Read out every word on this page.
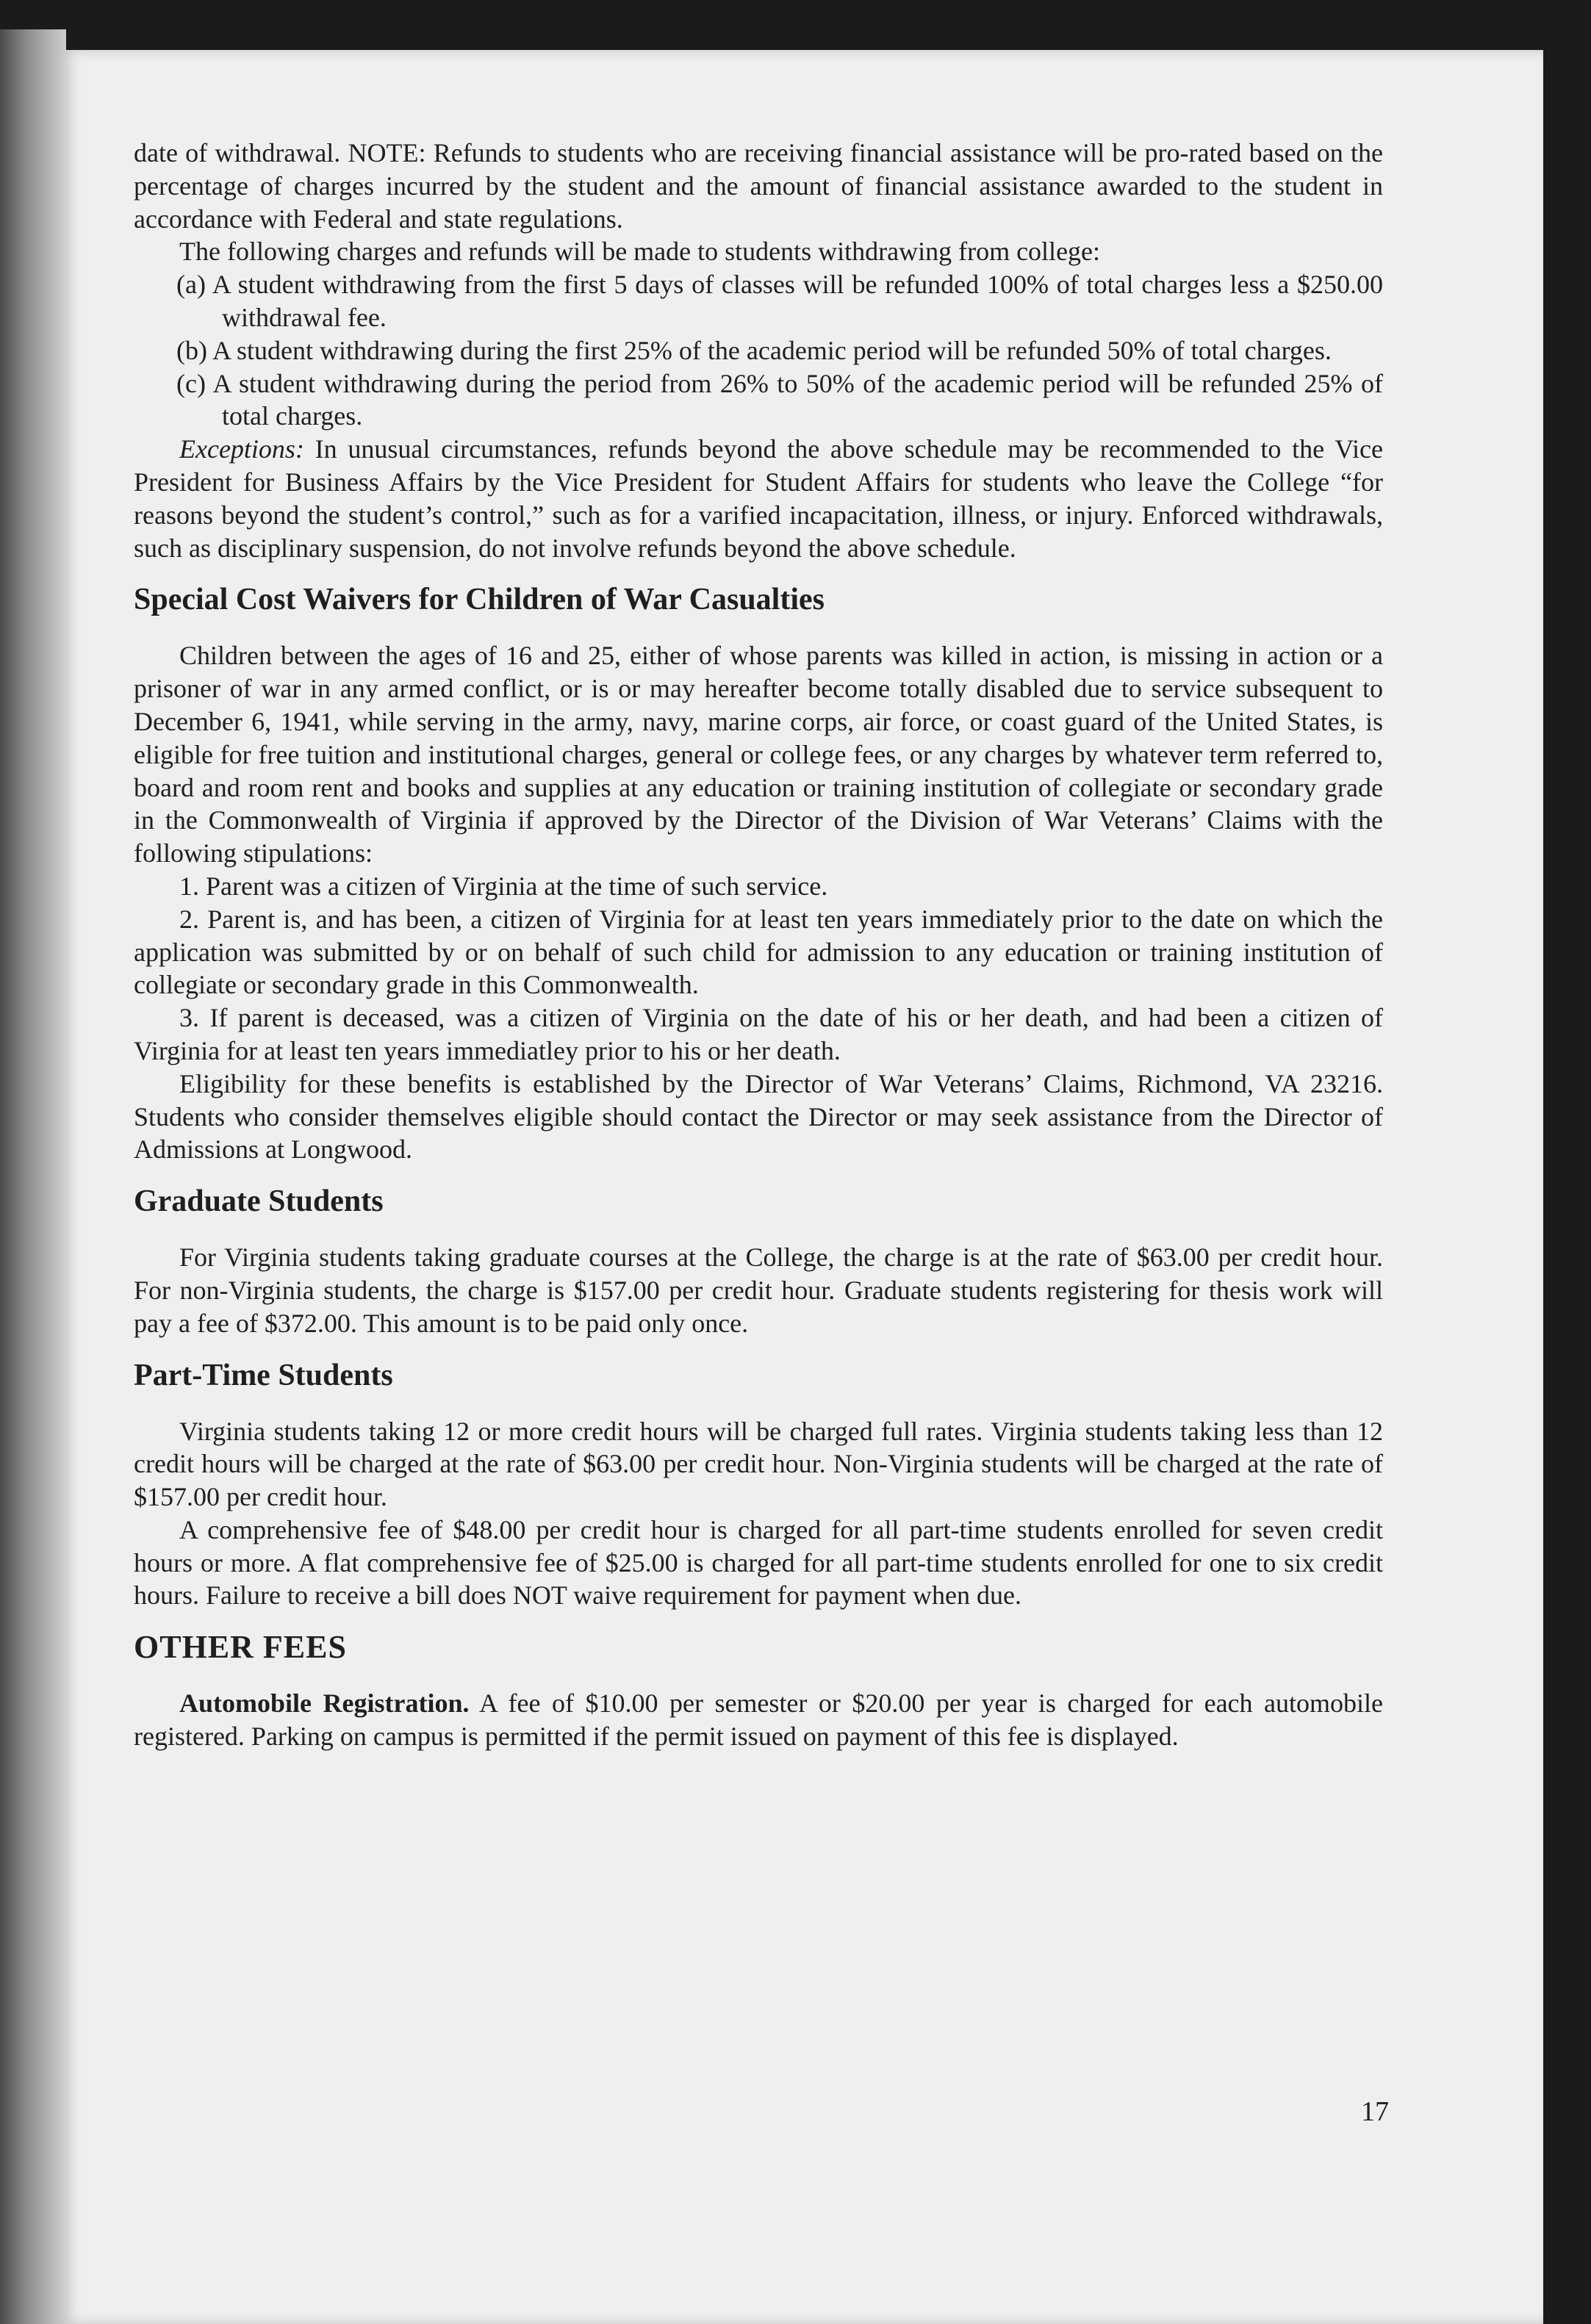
date of withdrawal. NOTE: Refunds to students who are receiving financial assistance will be pro-rated based on the percentage of charges incurred by the student and the amount of financial assistance awarded to the student in accordance with Federal and state regulations.

The following charges and refunds will be made to students withdrawing from college:

(a) A student withdrawing from the first 5 days of classes will be refunded 100% of total charges less a $250.00 withdrawal fee.

(b) A student withdrawing during the first 25% of the academic period will be refunded 50% of total charges.

(c) A student withdrawing during the period from 26% to 50% of the academic period will be refunded 25% of total charges.

Exceptions: In unusual circumstances, refunds beyond the above schedule may be recommended to the Vice President for Business Affairs by the Vice President for Student Affairs for students who leave the College “for reasons beyond the student’s control,” such as for a varified incapacitation, illness, or injury. Enforced withdrawals, such as disciplinary suspension, do not involve refunds beyond the above schedule.

Special Cost Waivers for Children of War Casualties

Children between the ages of 16 and 25, either of whose parents was killed in action, is missing in action or a prisoner of war in any armed conflict, or is or may hereafter become totally disabled due to service subsequent to December 6, 1941, while serving in the army, navy, marine corps, air force, or coast guard of the United States, is eligible for free tuition and institutional charges, general or college fees, or any charges by whatever term referred to, board and room rent and books and supplies at any education or training institution of collegiate or secondary grade in the Commonwealth of Virginia if approved by the Director of the Division of War Veterans’ Claims with the following stipulations:

1. Parent was a citizen of Virginia at the time of such service.

2. Parent is, and has been, a citizen of Virginia for at least ten years immediately prior to the date on which the application was submitted by or on behalf of such child for admission to any education or training institution of collegiate or secondary grade in this Commonwealth.

3. If parent is deceased, was a citizen of Virginia on the date of his or her death, and had been a citizen of Virginia for at least ten years immediatley prior to his or her death.

Eligibility for these benefits is established by the Director of War Veterans’ Claims, Richmond, VA 23216. Students who consider themselves eligible should contact the Director or may seek assistance from the Director of Admissions at Longwood.

Graduate Students

For Virginia students taking graduate courses at the College, the charge is at the rate of $63.00 per credit hour. For non-Virginia students, the charge is $157.00 per credit hour. Graduate students registering for thesis work will pay a fee of $372.00. This amount is to be paid only once.

Part-Time Students

Virginia students taking 12 or more credit hours will be charged full rates. Virginia students taking less than 12 credit hours will be charged at the rate of $63.00 per credit hour. Non-Virginia students will be charged at the rate of $157.00 per credit hour.

A comprehensive fee of $48.00 per credit hour is charged for all part-time students enrolled for seven credit hours or more. A flat comprehensive fee of $25.00 is charged for all part-time students enrolled for one to six credit hours. Failure to receive a bill does NOT waive requirement for payment when due.

OTHER FEES

Automobile Registration. A fee of $10.00 per semester or $20.00 per year is charged for each automobile registered. Parking on campus is permitted if the permit issued on payment of this fee is displayed.

17
